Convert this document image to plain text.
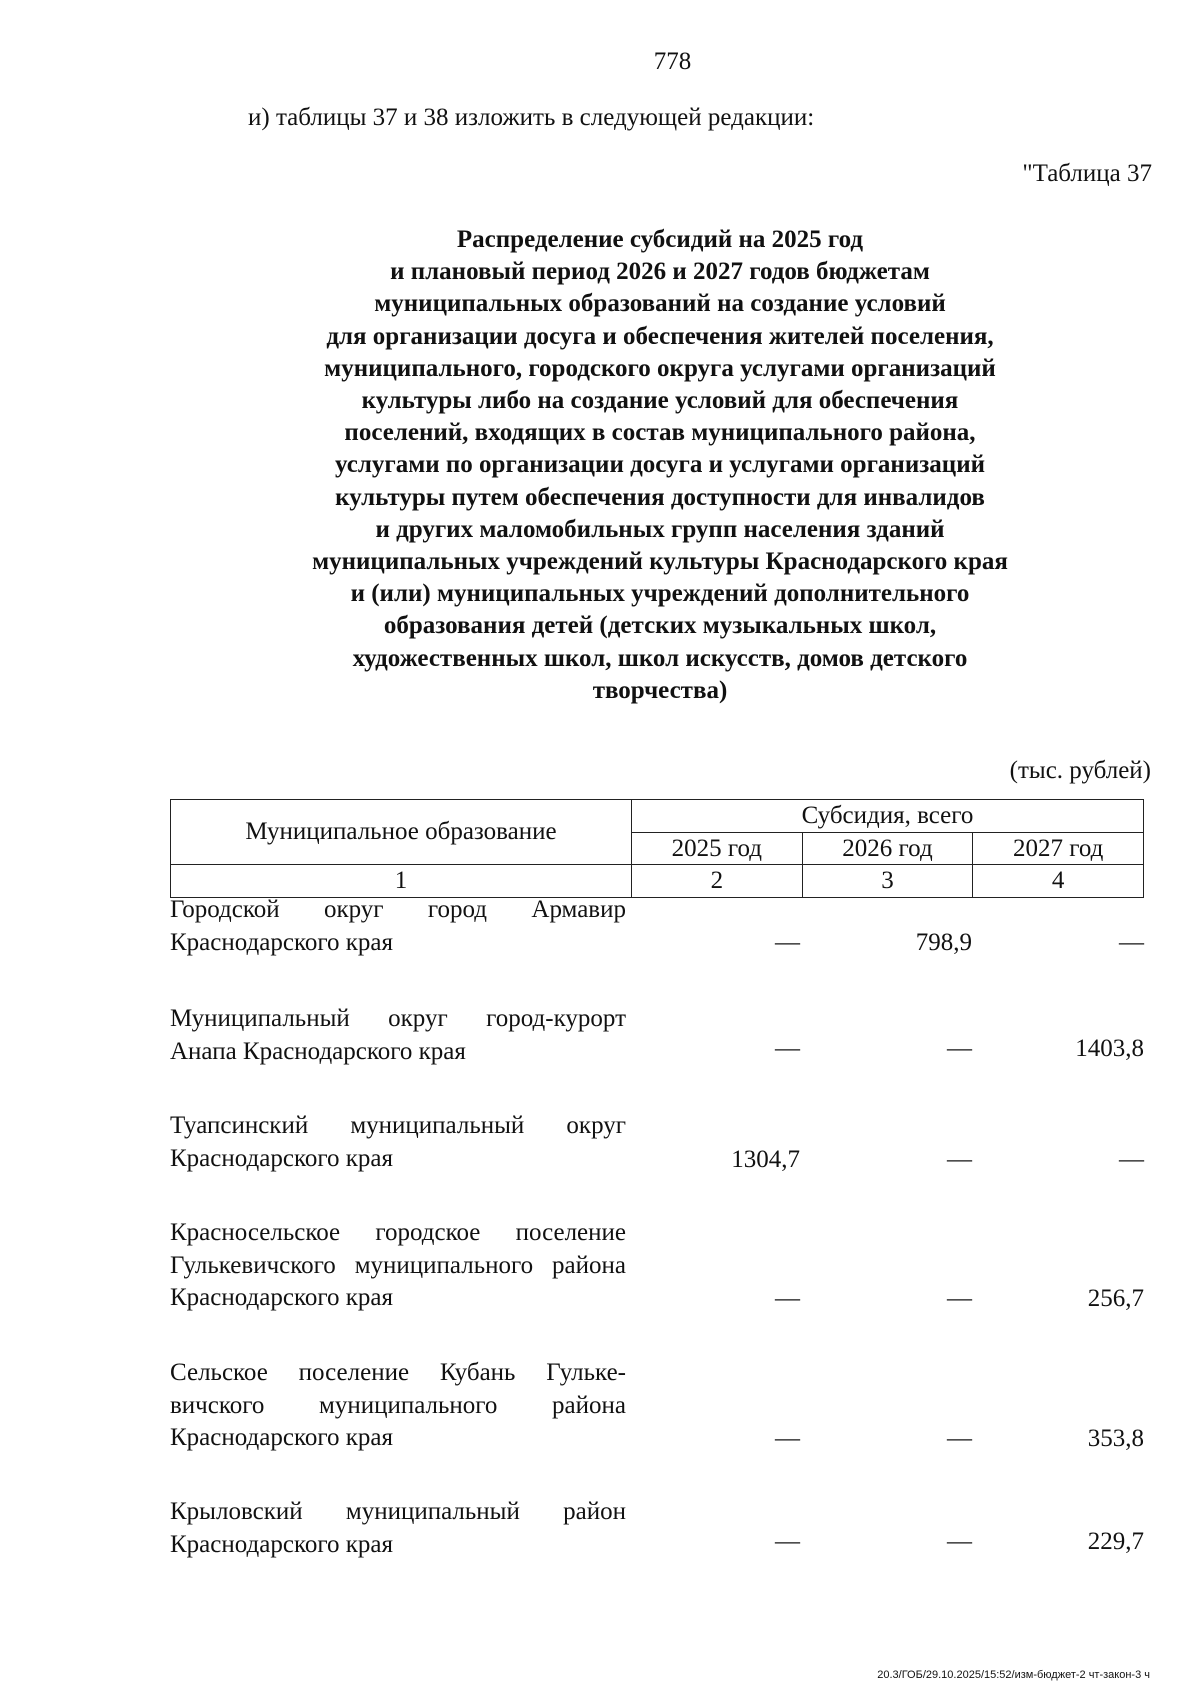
778
и) таблицы 37 и 38 изложить в следующей редакции:
"Таблица 37
Распределение субсидий на 2025 год
и плановый период 2026 и 2027 годов бюджетам
муниципальных образований на создание условий
для организации досуга и обеспечения жителей поселения,
муниципального, городского округа услугами организаций
культуры либо на создание условий для обеспечения
поселений, входящих в состав муниципального района,
услугами по организации досуга и услугами организаций
культуры путем обеспечения доступности для инвалидов
и других маломобильных групп населения зданий
муниципальных учреждений культуры Краснодарского края
и (или) муниципальных учреждений дополнительного
образования детей (детских музыкальных школ,
художественных школ, школ искусств, домов детского
творчества)
(тыс. рублей)
Муниципальное образование	Субсидия, всего		
	2025 год	2026 год	2027 год
1	2	3	4
Городской округ город Армавир Краснодарского края	—	798,9	—
Муниципальный округ город-курорт Анапа Краснодарского края	—	—	1403,8
Туапсинский муниципальный округ Краснодарского края	1304,7	—	—
Красносельское городское поселение Гулькевичского муниципального района Краснодарского края	—	—	256,7
Сельское поселение Кубань Гульке-вичского муниципального района Краснодарского края	—	—	353,8
Крыловский муниципальный район Краснодарского края	—	—	229,7
20.3/ГОБ/29.10.2025/15:52/изм-бюджет-2 чт-закон-3 ч
